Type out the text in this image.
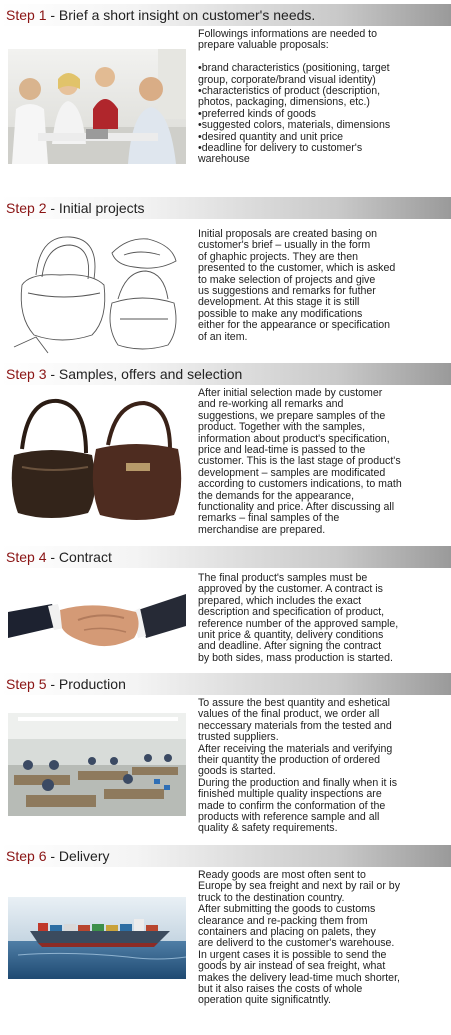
Step 1 - Brief a short insight on customer's needs.

Followings informations are needed to
prepare valuable proposals:

•brand characteristics (positioning, target
group, corporate/brand visual identity)
•characteristics of product (description,
photos, packaging, dimensions, etc.)
•preferred kinds of goods
•suggested colors, materials, dimensions
•desired quantity and unit price
•deadline for delivery to customer's
warehouse

Step 2 - Initial projects

Initial proposals are created basing on
customer's brief – usually in the form
of ghaphic projects. They are then
presented to the customer, which is asked
to make selection of projects and give
us suggestions and remarks for futher
development. At this stage it is still
possible to make any modifications
either for the appearance or specification
of an item.

Step 3 - Samples, offers and selection

After initial selection made by customer
and re-working all remarks and
suggestions, we prepare samples of the
product. Together with the samples,
information about product's specification,
price and lead-time is passed to the
customer. This is the last stage of product's
development – samples are modificated
according to customers indications, to math
the demands for the appearance,
functionality and price. After discussing all
remarks – final samples of the
merchandise are prepared.

Step 4 - Contract

The final product's samples must be
approved by the customer. A contract is
prepared, which includes the exact
description and specification of product,
reference number of the approved sample,
unit price & quantity, delivery conditions
and deadline. After signing the contract
by both sides, mass production is started.

Step 5 - Production

To assure the best quantity and eshetical
values of the final product, we order all
neccessary materials from the tested and
trusted suppliers.
After receiving the materials and verifying
their quantity the production of ordered
goods is started.
During the production and finally when it is
finished multiple quality inspections are
made to confirm the conformation of the
products with reference sample and all
quality & safety requirements.

Step 6 - Delivery

Ready goods are most often sent to
Europe by sea freight and next by rail or by
truck to the destination country.
After submitting the goods to customs
clearance and re-packing them from
containers and placing on palets, they
are deliverd to the customer's warehouse.
In urgent cases it is possible to send the
goods by air instead of sea freight, what
makes the delivery lead-time much shorter,
but it also raises the costs of whole
operation quite significatntly.
